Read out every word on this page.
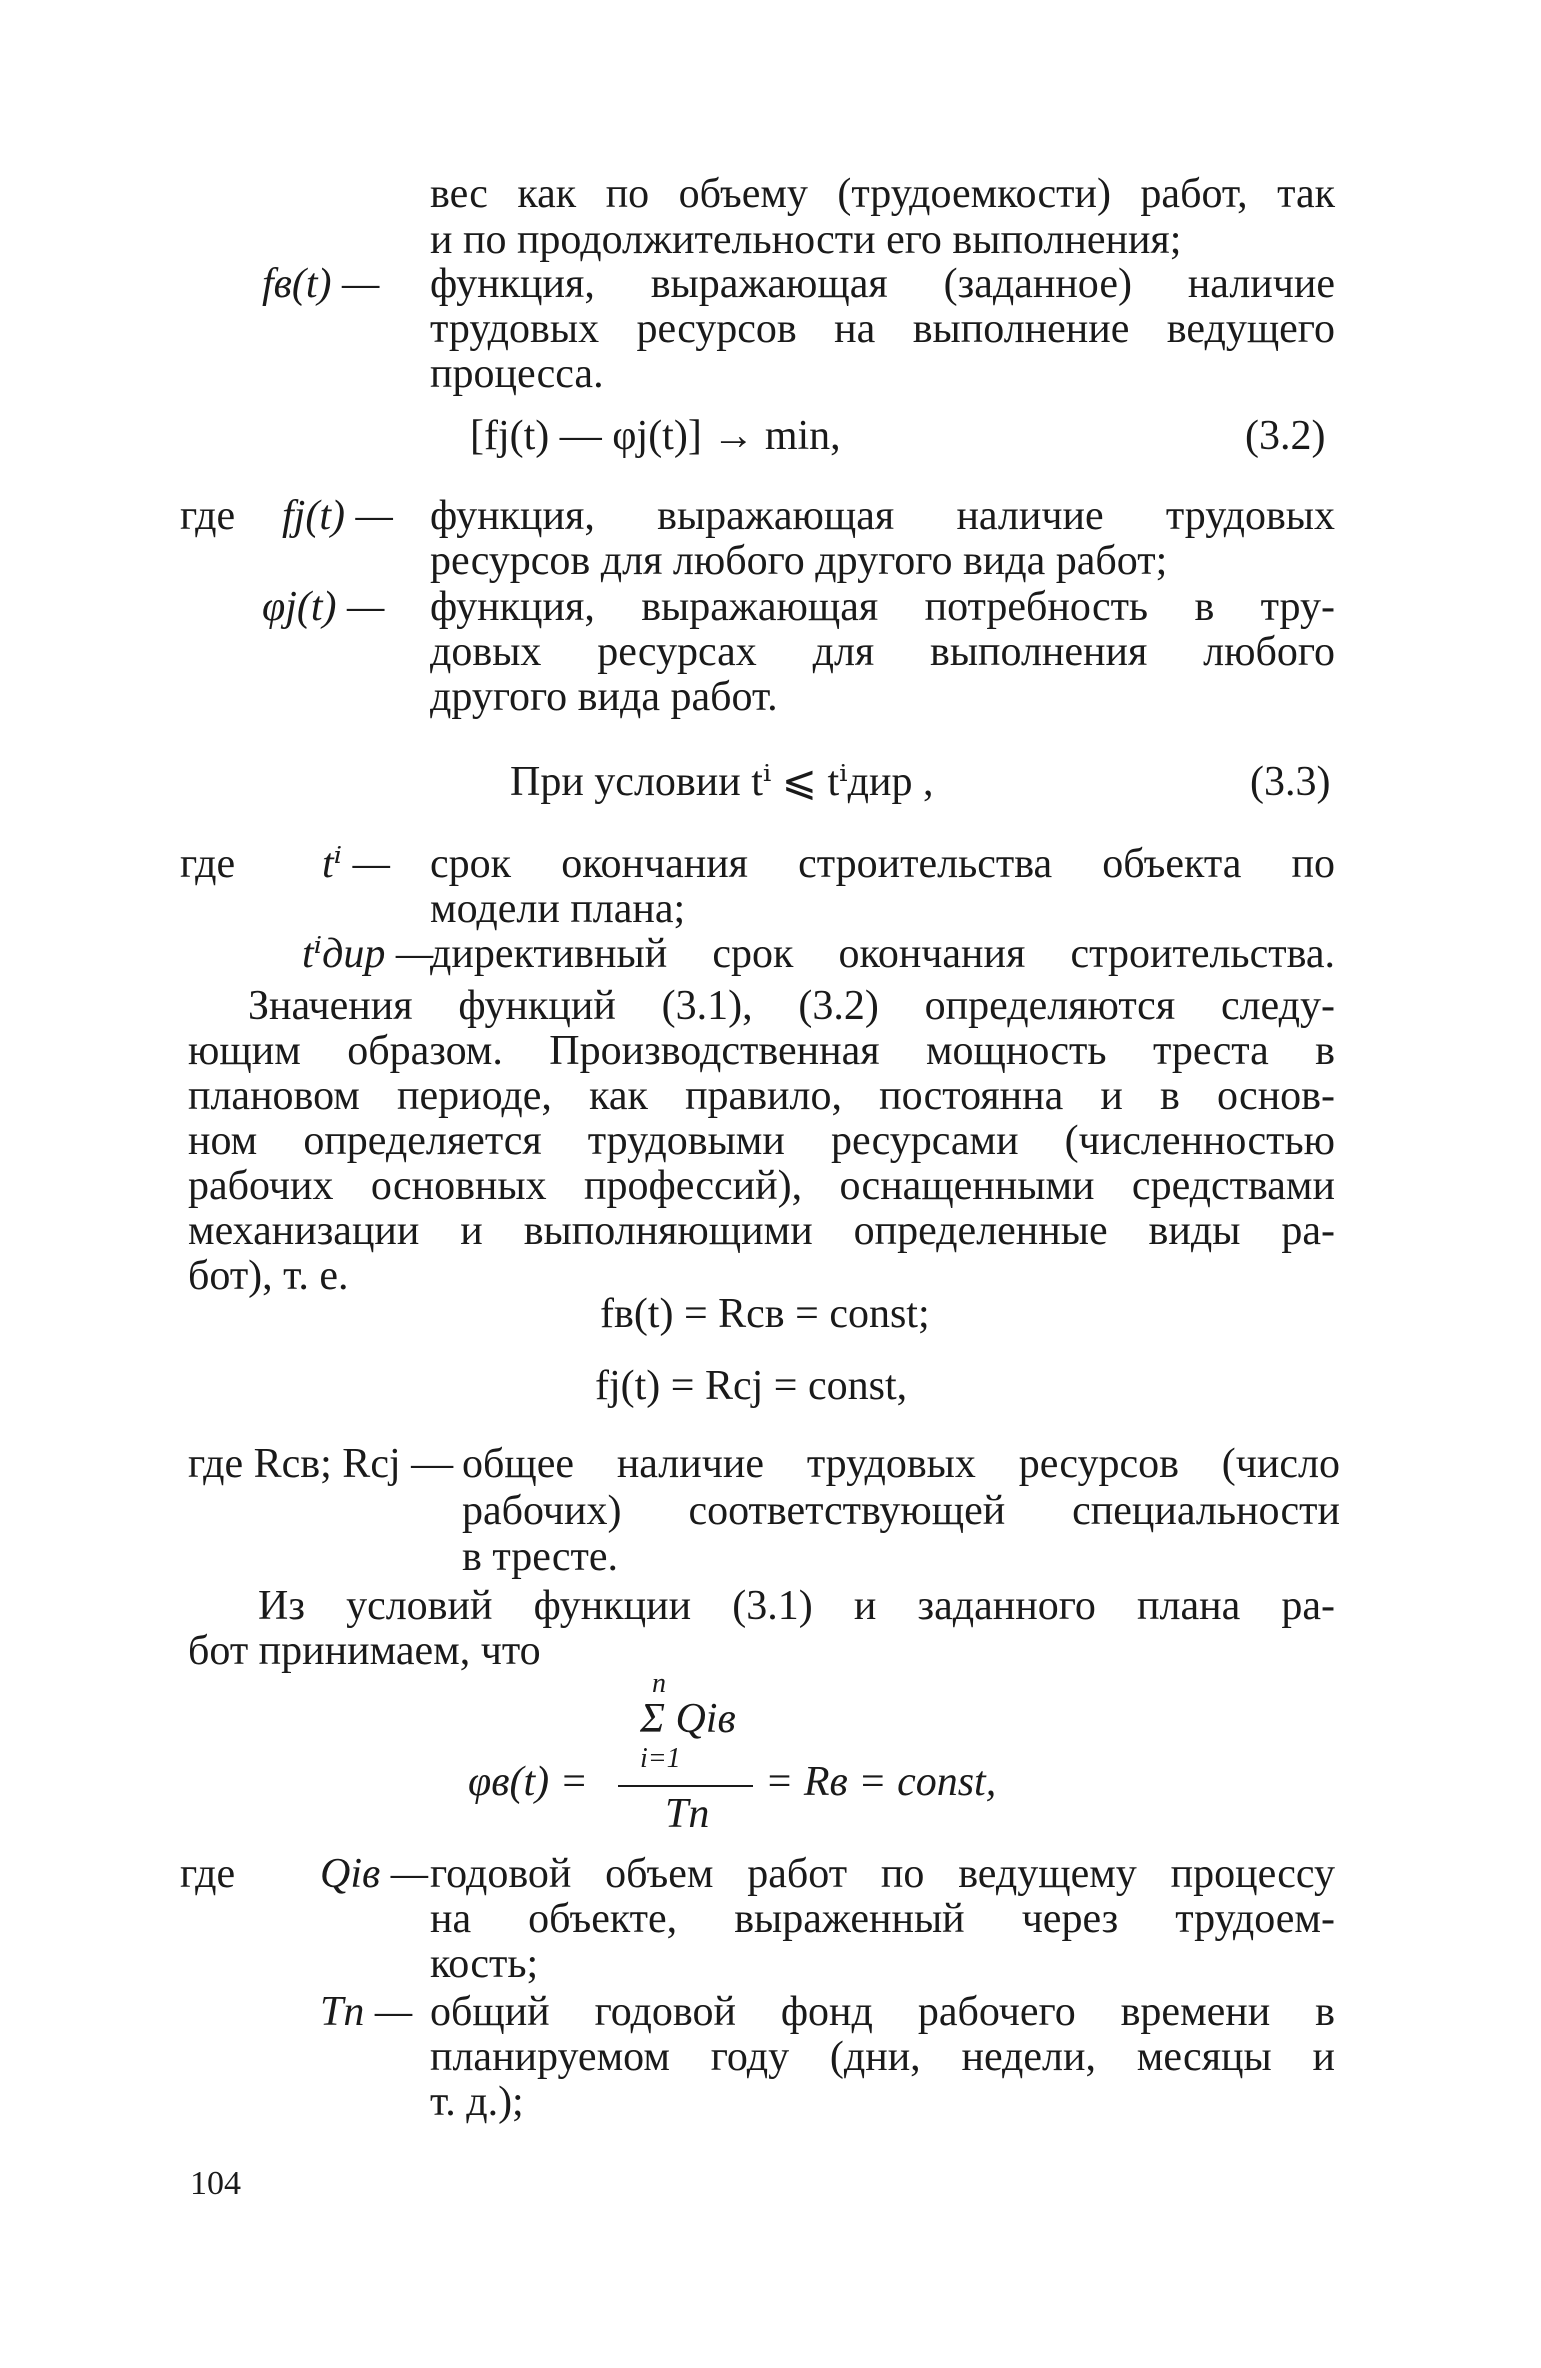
вес как по объему (трудоемкости) работ, так
и по продолжительности его выполнения;
fв(t) — функция, выражающая (заданное) наличие
трудовых ресурсов на выполнение ведущего
процесса.
[fj(t) — φj(t)] → min,	(3.2)
где fj(t) — функция, выражающая наличие трудовых
ресурсов для любого другого вида работ;
φj(t) — функция, выражающая потребность в тру-
довых ресурсах для выполнения любого
другого вида работ.
При условии tⁱ ⩽ tⁱдир ,	(3.3)
где tⁱ — срок окончания строительства объекта по
модели плана;
tⁱдир —
директивный срок окончания строительства.
Значения функций (3.1), (3.2) определяются следу-
ющим образом. Производственная мощность треста в
плановом периоде, как правило, постоянна и в основ-
ном определяется трудовыми ресурсами (численностью
рабочих основных профессий), оснащенными средствами
механизации и выполняющими определенные виды ра-
бот), т. е.
fв(t) = Rсв = const;
fj(t) = Rсj = const,
где Rсв; Rсj — общее наличие трудовых ресурсов (число
рабочих) соответствующей специальности
в тресте.
Из условий функции (3.1) и заданного плана ра-
бот принимаем, что
n
Σ Qiв
i=1
φв(t) =
Tп
= Rв = const,
где Qiв — годовой объем работ по ведущему процессу
на объекте, выраженный через трудоем-
кость;
Tп — общий годовой фонд рабочего времени в
планируемом году (дни, недели, месяцы и
т. д.);
104
